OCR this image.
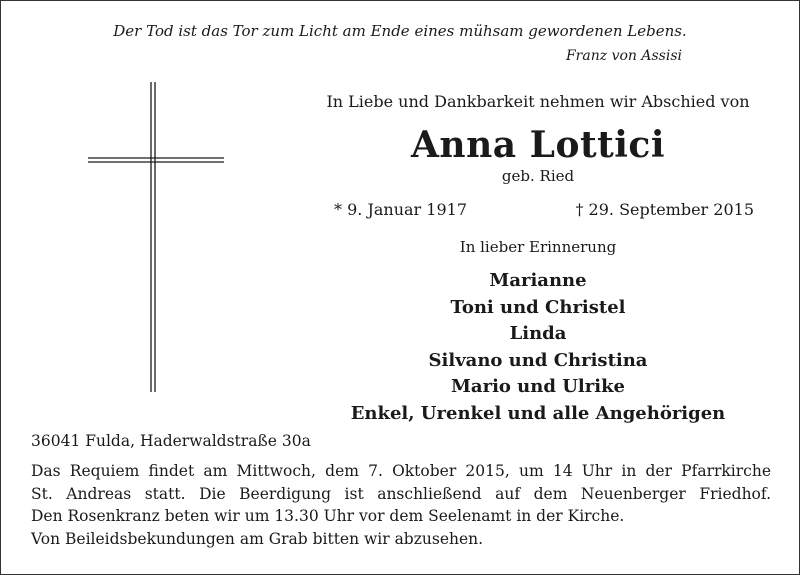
Der Tod ist das Tor zum Licht am Ende eines mühsam gewordenen Lebens.
Franz von Assisi
In Liebe und Dankbarkeit nehmen wir Abschied von
Anna Lottici
geb. Ried
* 9. Januar 1917	† 29. September 2015
In lieber Erinnerung
Marianne
Toni und Christel
Linda
Silvano und Christina
Mario und Ulrike
Enkel, Urenkel und alle Angehörigen
36041 Fulda, Haderwaldstraße 30a
Das Requiem findet am Mittwoch, dem 7. Oktober 2015, um 14 Uhr in der Pfarrkirche
St. Andreas statt. Die Beerdigung ist anschließend auf dem Neuenberger Friedhof.
Den Rosenkranz beten wir um 13.30 Uhr vor dem Seelenamt in der Kirche.
Von Beileidsbekundungen am Grab bitten wir abzusehen.
